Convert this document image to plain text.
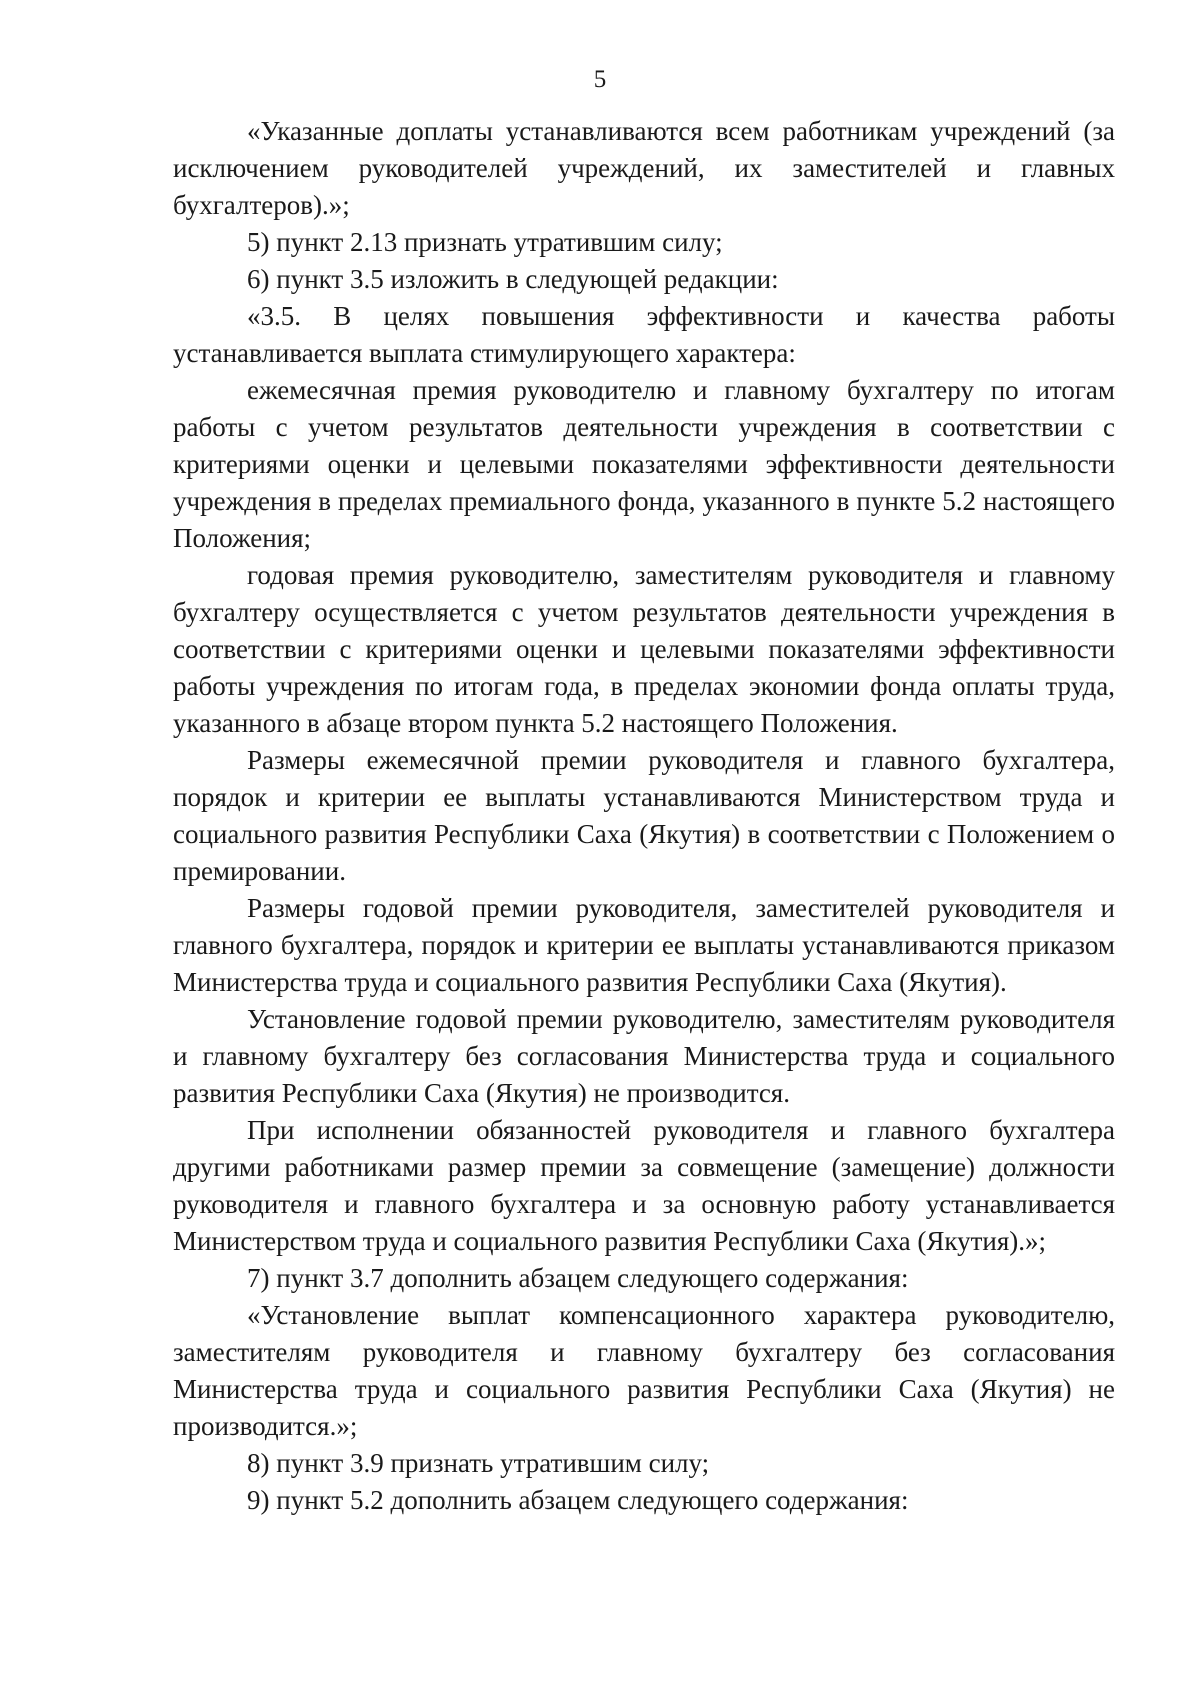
5

«Указанные доплаты устанавливаются всем работникам учреждений (за исключением руководителей учреждений, их заместителей и главных бухгалтеров).»;

5) пункт 2.13 признать утратившим силу;

6) пункт 3.5 изложить в следующей редакции:

«3.5. В целях повышения эффективности и качества работы устанавливается выплата стимулирующего характера:

ежемесячная премия руководителю и главному бухгалтеру по итогам работы с учетом результатов деятельности учреждения в соответствии с критериями оценки и целевыми показателями эффективности деятельности учреждения в пределах премиального фонда, указанного в пункте 5.2 настоящего Положения;

годовая премия руководителю, заместителям руководителя и главному бухгалтеру осуществляется с учетом результатов деятельности учреждения в соответствии с критериями оценки и целевыми показателями эффективности работы учреждения по итогам года, в пределах экономии фонда оплаты труда, указанного в абзаце втором пункта 5.2 настоящего Положения.

Размеры ежемесячной премии руководителя и главного бухгалтера, порядок и критерии ее выплаты устанавливаются Министерством труда и социального развития Республики Саха (Якутия) в соответствии с Положением о премировании.

Размеры годовой премии руководителя, заместителей руководителя и главного бухгалтера, порядок и критерии ее выплаты устанавливаются приказом Министерства труда и социального развития Республики Саха (Якутия).

Установление годовой премии руководителю, заместителям руководителя и главному бухгалтеру без согласования Министерства труда и социального развития Республики Саха (Якутия) не производится.

При исполнении обязанностей руководителя и главного бухгалтера другими работниками размер премии за совмещение (замещение) должности руководителя и главного бухгалтера и за основную работу устанавливается Министерством труда и социального развития Республики Саха (Якутия).»;

7) пункт 3.7 дополнить абзацем следующего содержания:

«Установление выплат компенсационного характера руководителю, заместителям руководителя и главному бухгалтеру без согласования Министерства труда и социального развития Республики Саха (Якутия) не производится.»;

8) пункт 3.9 признать утратившим силу;

9) пункт 5.2 дополнить абзацем следующего содержания:
